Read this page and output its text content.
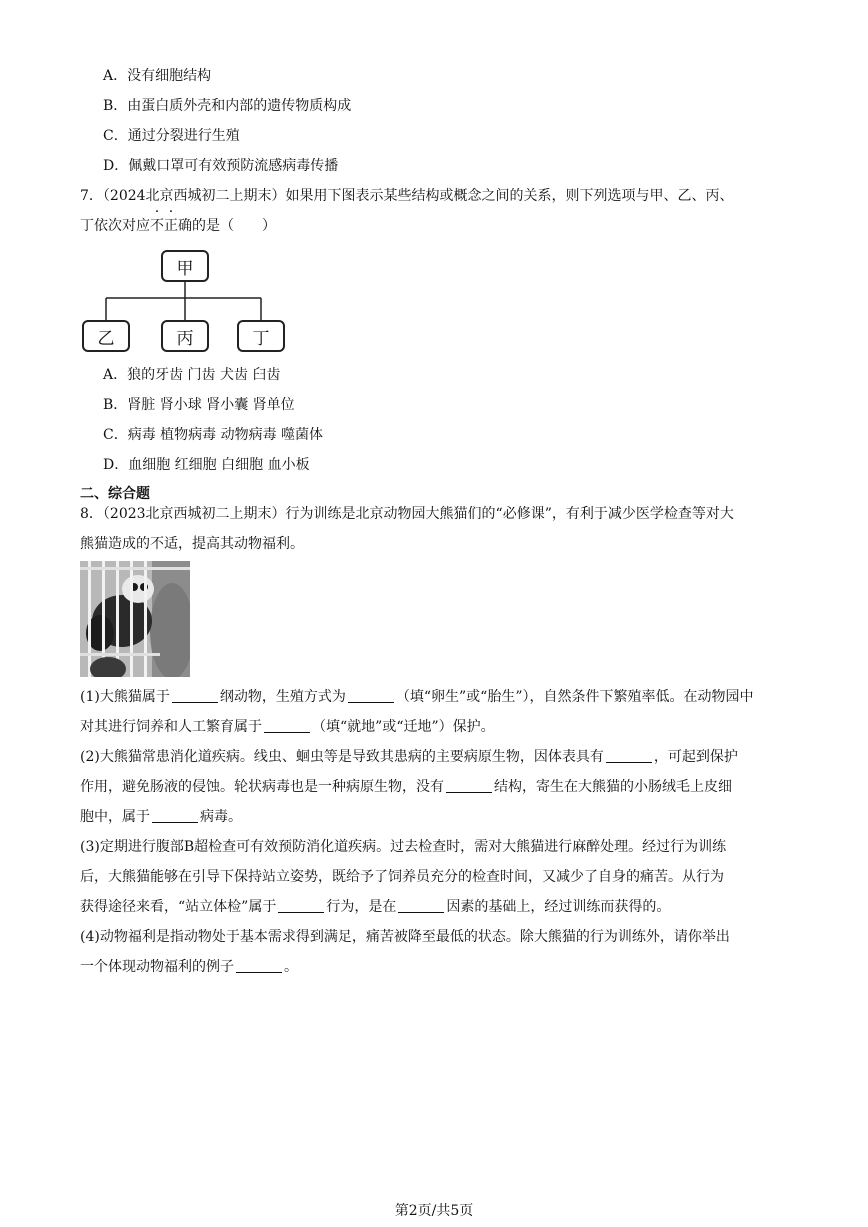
A．没有细胞结构
B．由蛋白质外壳和内部的遗传物质构成
C．通过分裂进行生殖
D．佩戴口罩可有效预防流感病毒传播
7．（2024北京西城初二上期末）如果用下图表示某些结构或概念之间的关系，则下列选项与甲、乙、丙、
丁依次对应不正确的是（　　）
甲
乙	丙	丁
A．狼的牙齿 门齿 犬齿 臼齿
B．肾脏 肾小球 肾小囊 肾单位
C．病毒 植物病毒 动物病毒 噬菌体
D．血细胞 红细胞 白细胞 血小板
二、综合题
8．（2023北京西城初二上期末）行为训练是北京动物园大熊猫们的“必修课”，有利于减少医学检查等对大
熊猫造成的不适，提高其动物福利。
(1)大熊猫属于	纲动物，生殖方式为	（填“卵生”或“胎生”），自然条件下繁殖率低。在动物园中
对其进行饲养和人工繁育属于	（填“就地”或“迁地”）保护。
(2)大熊猫常患消化道疾病。线虫、蛔虫等是导致其患病的主要病原生物，因体表具有	，可起到保护
作用，避免肠液的侵蚀。轮状病毒也是一种病原生物，没有	结构，寄生在大熊猫的小肠绒毛上皮细
胞中，属于	病毒。
(3)定期进行腹部B超检查可有效预防消化道疾病。过去检查时，需对大熊猫进行麻醉处理。经过行为训练
后，大熊猫能够在引导下保持站立姿势，既给予了饲养员充分的检查时间，又减少了自身的痛苦。从行为
获得途径来看，“站立体检”属于	行为，是在	因素的基础上，经过训练而获得的。
(4)动物福利是指动物处于基本需求得到满足，痛苦被降至最低的状态。除大熊猫的行为训练外，请你举出
一个体现动物福利的例子	。
第2页/共5页
